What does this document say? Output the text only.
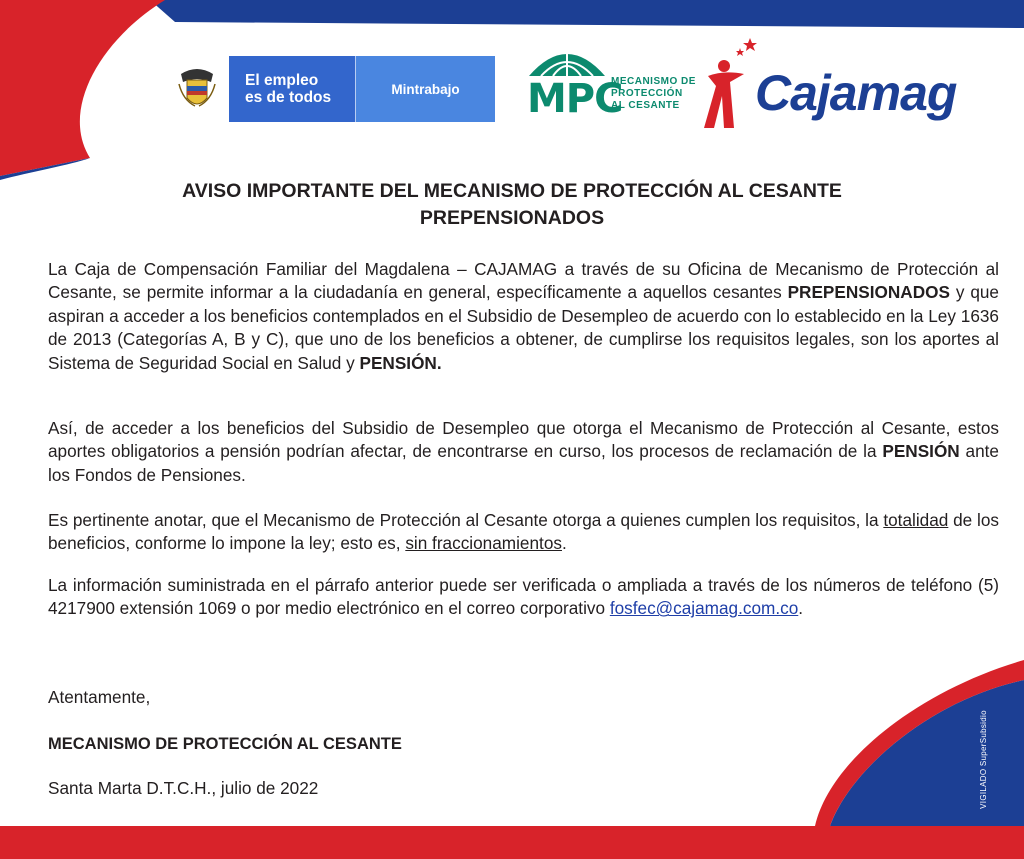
El empleo
es de todos	Mintrabajo	MPC
MECANISMO DE
PROTECCIÓN
AL CESANTE	Cajamag
AVISO IMPORTANTE DEL MECANISMO DE PROTECCIÓN AL CESANTE
PREPENSIONADOS

La Caja de Compensación Familiar del Magdalena – CAJAMAG a través de su Oficina de Mecanismo de Protección al Cesante, se permite informar a la ciudadanía en general, específicamente a aquellos cesantes PREPENSIONADOS y que aspiran a acceder a los beneficios contemplados en el Subsidio de Desempleo de acuerdo con lo establecido en la Ley 1636 de 2013 (Categorías A, B y C), que uno de los beneficios a obtener, de cumplirse los requisitos legales, son los aportes al Sistema de Seguridad Social en Salud y PENSIÓN.

Así, de acceder a los beneficios del Subsidio de Desempleo que otorga el Mecanismo de Protección al Cesante, estos aportes obligatorios a pensión podrían afectar, de encontrarse en curso, los procesos de reclamación de la PENSIÓN ante los Fondos de Pensiones.

Es pertinente anotar, que el Mecanismo de Protección al Cesante otorga a quienes cumplen los requisitos, la totalidad de los beneficios, conforme lo impone la ley; esto es, sin fraccionamientos.

La información suministrada en el párrafo anterior puede ser verificada o ampliada a través de los números de teléfono (5) 4217900 extensión 1069 o por medio electrónico en el correo corporativo fosfec@cajamag.com.co.

Atentamente,
MECANISMO DE PROTECCIÓN AL CESANTE
Santa Marta D.T.C.H., julio de 2022	VIGILADO SuperSubsidio
